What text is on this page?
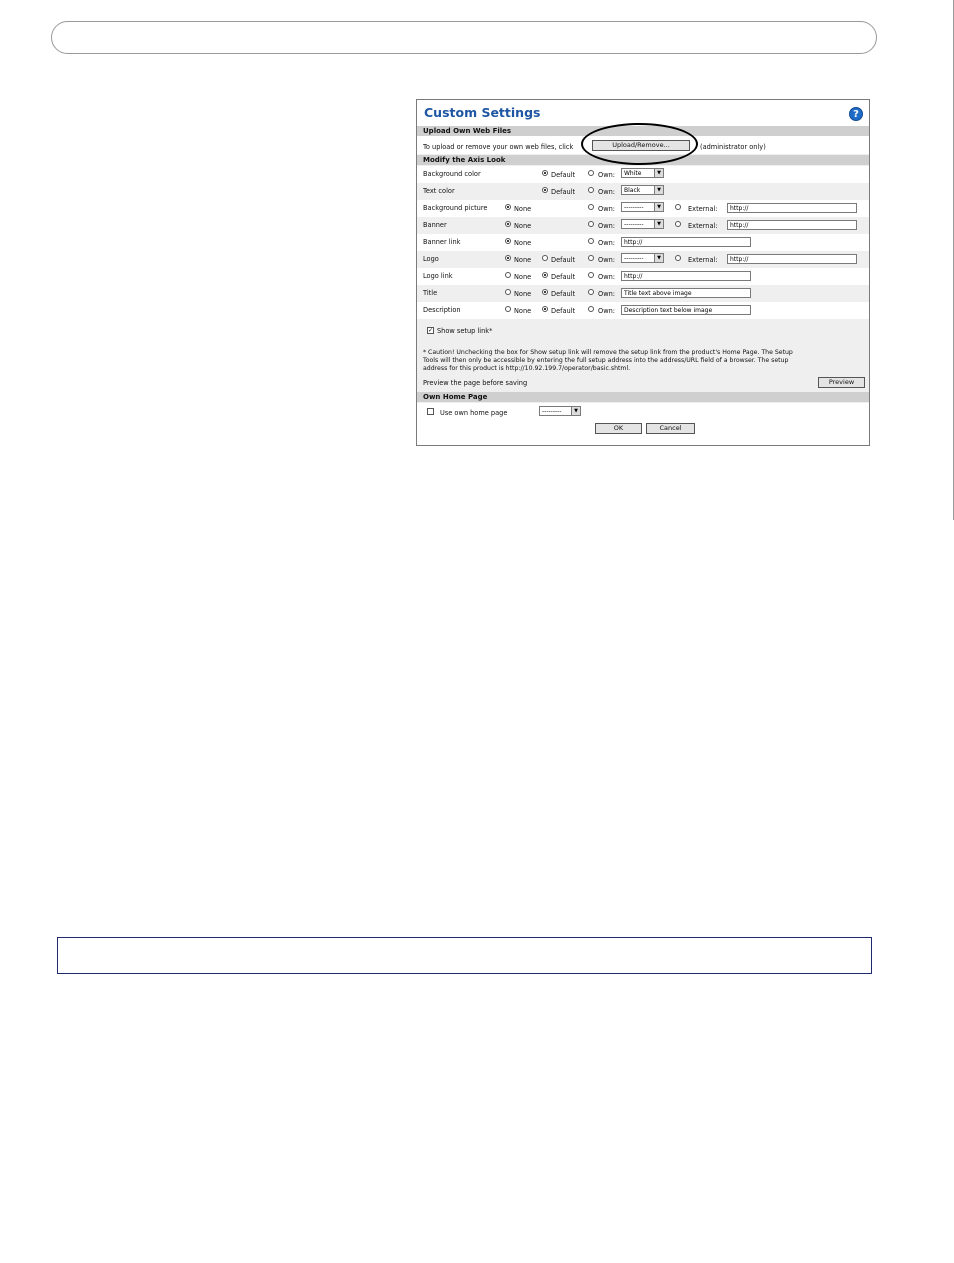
Custom Settings	?
Upload Own Web Files
To upload or remove your own web files, click	Upload/Remove...	(administrator only)
Modify the Axis Look
Background color	Default	Own:	White	▼
Text color	Default	Own:	Black	▼
Background picture	None	Own:	---------	▼	External:	http://
Banner	None	Own:	---------	▼	External:	http://
Banner link	None	Own:	http://
Logo	None	Default	Own:	---------	▼	External:	http://
Logo link	None	Default	Own:	http://
Title	None	Default	Own:	Title text above image
Description	None	Default	Own:	Description text below image
✓ Show setup link*
* Caution! Unchecking the box for Show setup link will remove the setup link from the product's Home Page. The Setup
Tools will then only be accessible by entering the full setup address into the address/URL field of a browser. The setup
address for this product is http://10.92.199.7/operator/basic.shtml.
Preview the page before saving	Preview
Own Home Page
Use own home page	---------	▼
OK	Cancel
